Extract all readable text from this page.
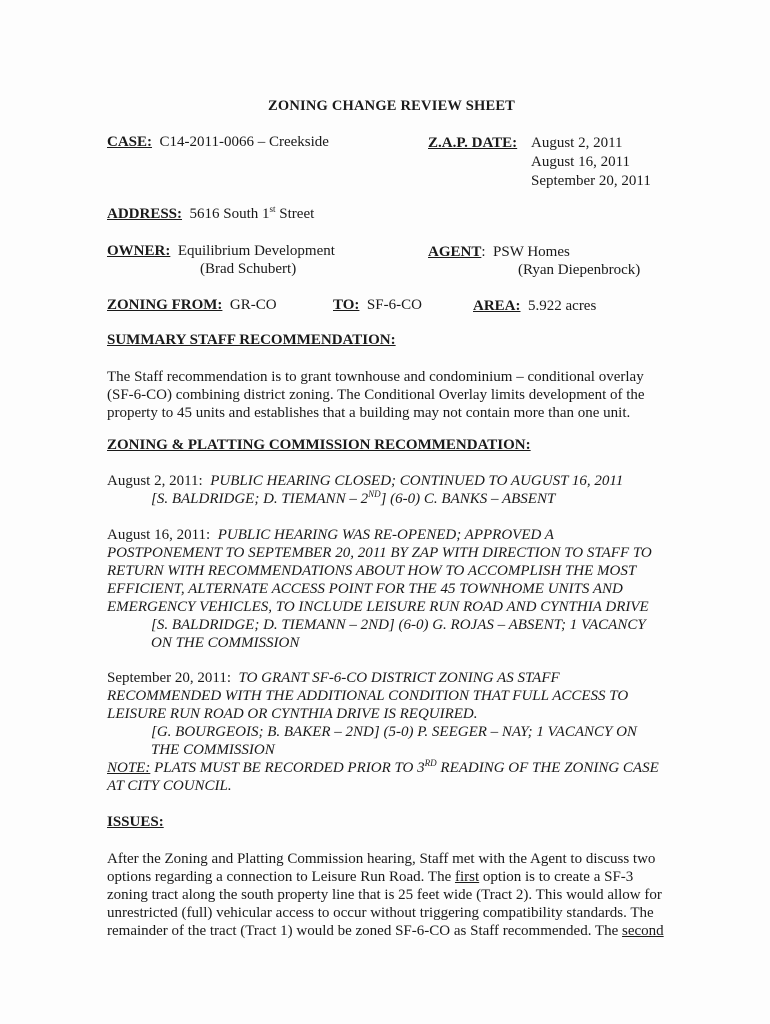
ZONING CHANGE REVIEW SHEET
CASE: C14-2011-0066 – Creekside	Z.A.P. DATE: August 2, 2011
August 16, 2011
September 20, 2011
ADDRESS: 5616 South 1st Street
OWNER: Equilibrium Development
(Brad Schubert)
AGENT: PSW Homes
(Ryan Diepenbrock)
ZONING FROM: GR-CO	TO: SF-6-CO	AREA: 5.922 acres
SUMMARY STAFF RECOMMENDATION:
The Staff recommendation is to grant townhouse and condominium – conditional overlay
(SF-6-CO) combining district zoning. The Conditional Overlay limits development of the
property to 45 units and establishes that a building may not contain more than one unit.
ZONING & PLATTING COMMISSION RECOMMENDATION:
August 2, 2011: PUBLIC HEARING CLOSED; CONTINUED TO AUGUST 16, 2011
[S. BALDRIDGE; D. TIEMANN – 2ND] (6-0) C. BANKS – ABSENT
August 16, 2011: PUBLIC HEARING WAS RE-OPENED; APPROVED A
POSTPONEMENT TO SEPTEMBER 20, 2011 BY ZAP WITH DIRECTION TO STAFF TO
RETURN WITH RECOMMENDATIONS ABOUT HOW TO ACCOMPLISH THE MOST
EFFICIENT, ALTERNATE ACCESS POINT FOR THE 45 TOWNHOME UNITS AND
EMERGENCY VEHICLES, TO INCLUDE LEISURE RUN ROAD AND CYNTHIA DRIVE
[S. BALDRIDGE; D. TIEMANN – 2ND] (6-0) G. ROJAS – ABSENT; 1 VACANCY
ON THE COMMISSION
September 20, 2011: TO GRANT SF-6-CO DISTRICT ZONING AS STAFF
RECOMMENDED WITH THE ADDITIONAL CONDITION THAT FULL ACCESS TO
LEISURE RUN ROAD OR CYNTHIA DRIVE IS REQUIRED.
[G. BOURGEOIS; B. BAKER – 2ND] (5-0) P. SEEGER – NAY; 1 VACANCY ON
THE COMMISSION
NOTE: PLATS MUST BE RECORDED PRIOR TO 3RD READING OF THE ZONING CASE
AT CITY COUNCIL.
ISSUES:
After the Zoning and Platting Commission hearing, Staff met with the Agent to discuss two
options regarding a connection to Leisure Run Road. The first option is to create a SF-3
zoning tract along the south property line that is 25 feet wide (Tract 2). This would allow for
unrestricted (full) vehicular access to occur without triggering compatibility standards. The
remainder of the tract (Tract 1) would be zoned SF-6-CO as Staff recommended. The second
